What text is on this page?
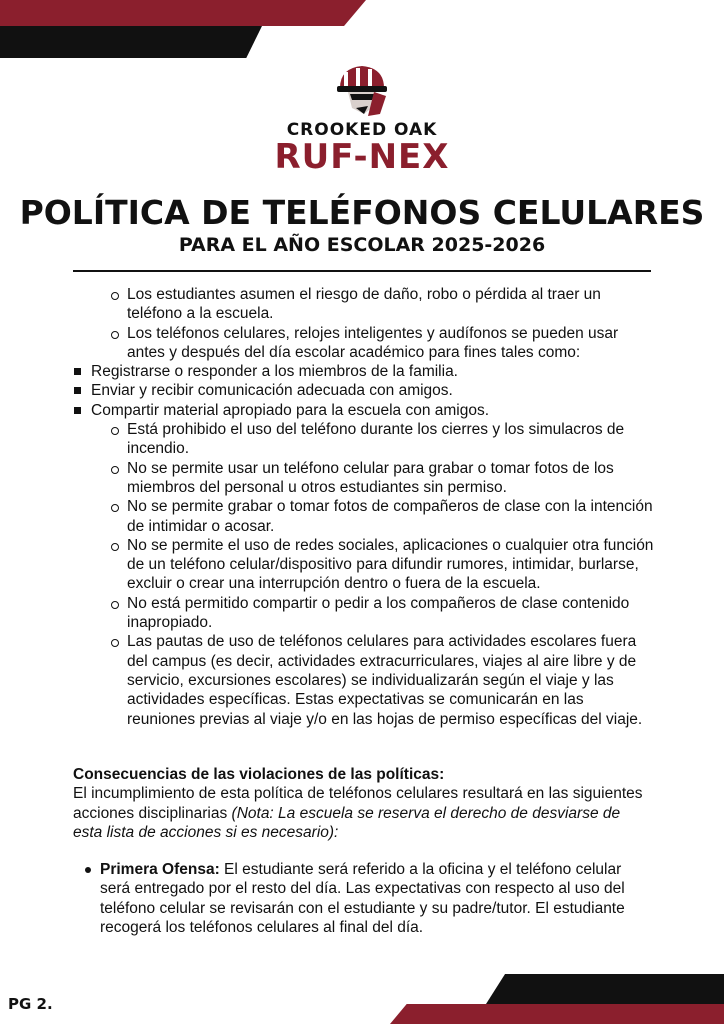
CROOKED OAK
RUF-NEX
POLÍTICA DE TELÉFONOS CELULARES
PARA EL AÑO ESCOLAR 2025-2026
Los estudiantes asumen el riesgo de daño, robo o pérdida al traer un teléfono a la escuela.
Los teléfonos celulares, relojes inteligentes y audífonos se pueden usar antes y después del día escolar académico para fines tales como:
Registrarse o responder a los miembros de la familia.
Enviar y recibir comunicación adecuada con amigos.
Compartir material apropiado para la escuela con amigos.
Está prohibido el uso del teléfono durante los cierres y los simulacros de incendio.
No se permite usar un teléfono celular para grabar o tomar fotos de los miembros del personal u otros estudiantes sin permiso.
No se permite grabar o tomar fotos de compañeros de clase con la intención de intimidar o acosar.
No se permite el uso de redes sociales, aplicaciones o cualquier otra función de un teléfono celular/dispositivo para difundir rumores, intimidar, burlarse, excluir o crear una interrupción dentro o fuera de la escuela.
No está permitido compartir o pedir a los compañeros de clase contenido inapropiado.
Las pautas de uso de teléfonos celulares para actividades escolares fuera del campus (es decir, actividades extracurriculares, viajes al aire libre y de servicio, excursiones escolares) se individualizarán según el viaje y las actividades específicas. Estas expectativas se comunicarán en las reuniones previas al viaje y/o en las hojas de permiso específicas del viaje.
Consecuencias de las violaciones de las políticas:
El incumplimiento de esta política de teléfonos celulares resultará en las siguientes acciones disciplinarias (Nota: La escuela se reserva el derecho de desviarse de esta lista de acciones si es necesario):
Primera Ofensa: El estudiante será referido a la oficina y el teléfono celular será entregado por el resto del día. Las expectativas con respecto al uso del teléfono celular se revisarán con el estudiante y su padre/tutor. El estudiante recogerá los teléfonos celulares al final del día.
PG 2.
